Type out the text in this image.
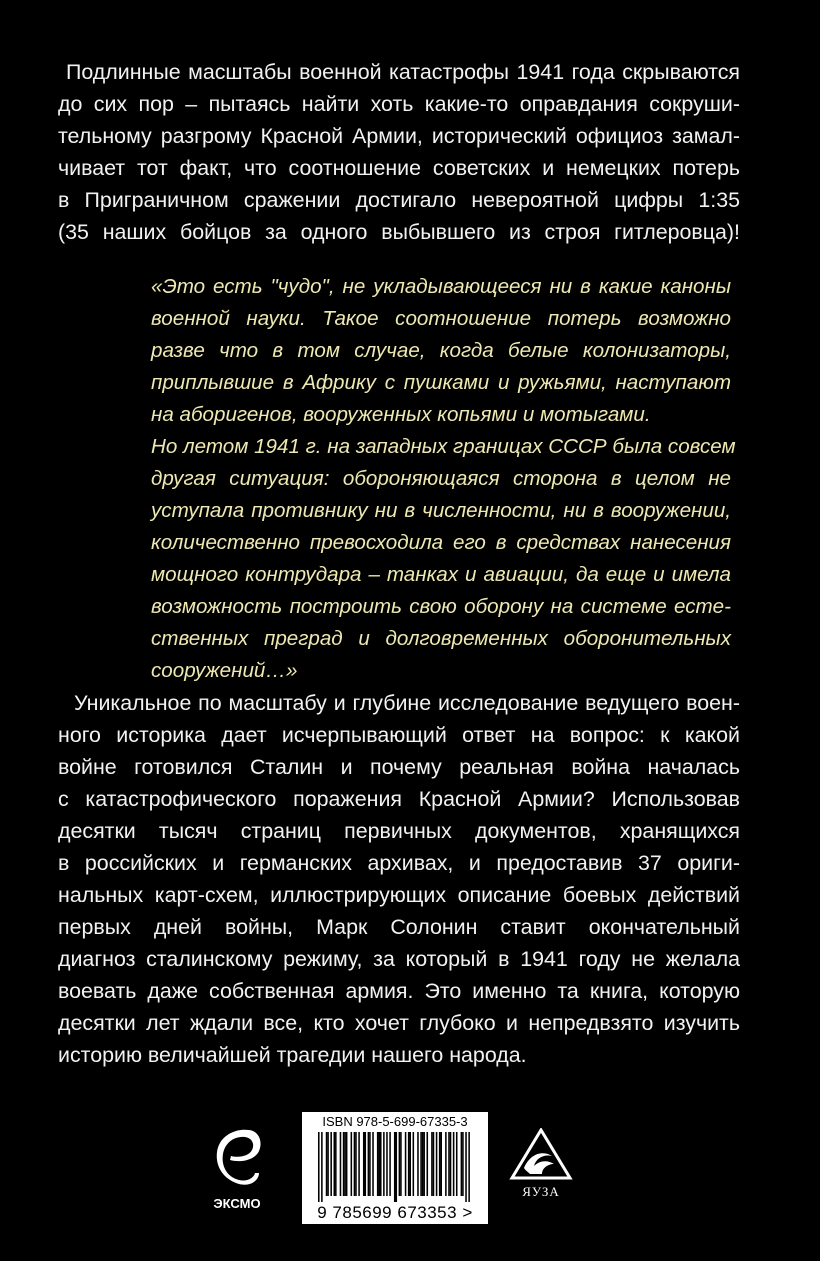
Подлинные масштабы военной катастрофы 1941 года скрываются
до сих пор – пытаясь найти хоть какие-то оправдания сокруши-
тельному разгрому Красной Армии, исторический официоз замал-
чивает тот факт, что соотношение советских и немецких потерь
в Приграничном сражении достигало невероятной цифры 1:35
(35 наших бойцов за одного выбывшего из строя гитлеровца)!
«Это есть "чудо", не укладывающееся ни в какие каноны
военной науки. Такое соотношение потерь возможно
разве что в том случае, когда белые колонизаторы,
приплывшие в Африку с пушками и ружьями, наступают
на аборигенов, вооруженных копьями и мотыгами.
Но летом 1941 г. на западных границах СССР была совсем
другая ситуация: обороняющаяся сторона в целом не
уступала противнику ни в численности, ни в вооружении,
количественно превосходила его в средствах нанесения
мощного контрудара – танках и авиации, да еще и имела
возможность построить свою оборону на системе есте-
ственных преград и долговременных оборонительных
сооружений…»
Уникальное по масштабу и глубине исследование ведущего воен-
ного историка дает исчерпывающий ответ на вопрос: к какой
войне готовился Сталин и почему реальная война началась
с катастрофического поражения Красной Армии? Использовав
десятки тысяч страниц первичных документов, хранящихся
в российских и германских архивах, и предоставив 37 ориги-
нальных карт-схем, иллюстрирующих описание боевых действий
первых дней войны, Марк Солонин ставит окончательный
диагноз сталинскому режиму, за который в 1941 году не желала
воевать даже собственная армия. Это именно та книга, которую
десятки лет ждали все, кто хочет глубоко и непредвзято изучить
историю величайшей трагедии нашего народа.
ЭКСМО
ISBN 978-5-699-67335-3
9 785699 673353 >
ЯУЗА
